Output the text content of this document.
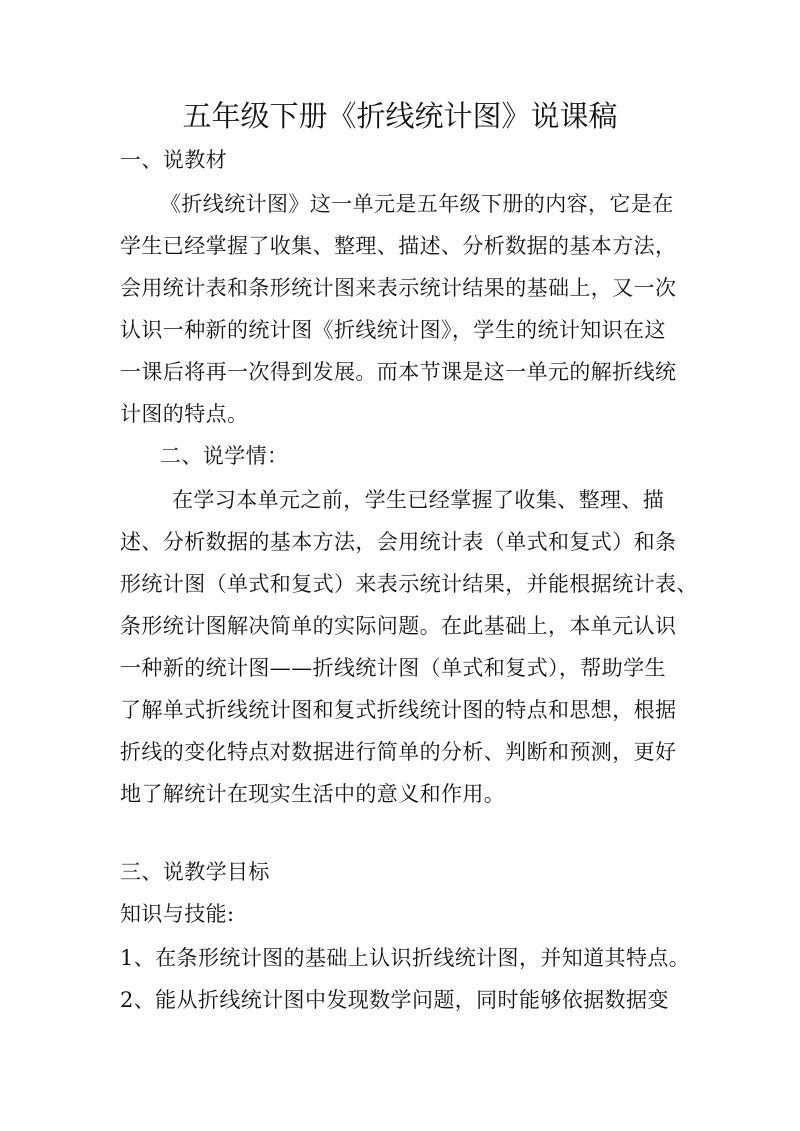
五年级下册《折线统计图》说课稿
一、说教材
《折线统计图》这一单元是五年级下册的内容，它是在
学生已经掌握了收集、整理、描述、分析数据的基本方法，
会用统计表和条形统计图来表示统计结果的基础上，又一次
认识一种新的统计图《折线统计图》，学生的统计知识在这
一课后将再一次得到发展。而本节课是这一单元的解折线统
计图的特点。
二、说学情：
在学习本单元之前，学生已经掌握了收集、整理、描
述、分析数据的基本方法，会用统计表（单式和复式）和条
形统计图（单式和复式）来表示统计结果，并能根据统计表、
条形统计图解决简单的实际问题。在此基础上，本单元认识
一种新的统计图——折线统计图（单式和复式），帮助学生
了解单式折线统计图和复式折线统计图的特点和思想，根据
折线的变化特点对数据进行简单的分析、判断和预测，更好
地了解统计在现实生活中的意义和作用。
三、说教学目标
知识与技能:
1、在条形统计图的基础上认识折线统计图，并知道其特点。
2、能从折线统计图中发现数学问题，同时能够依据数据变
